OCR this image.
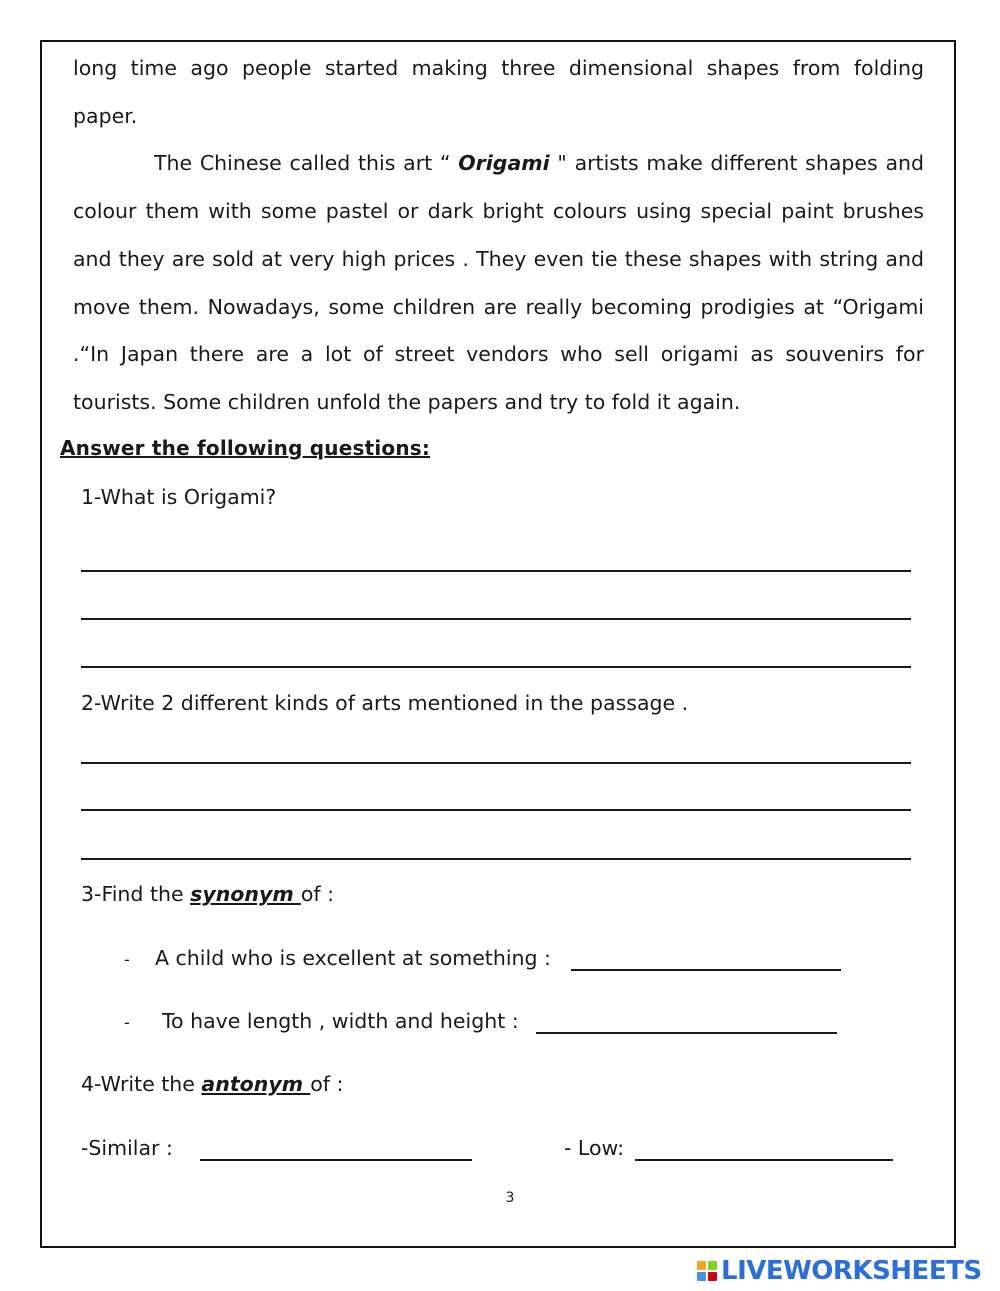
long time ago people started making three dimensional shapes from folding paper.

The Chinese called this art “ Origami " artists make different shapes and colour them with some pastel or dark bright colours using special paint brushes and they are sold at very high prices . They even tie these shapes with string and move them. Nowadays, some children are really becoming prodigies at “Origami .“In Japan there are a lot of street vendors who sell origami as souvenirs for tourists. Some children unfold the papers and try to fold it again.

Answer the following questions:
1-What is Origami?
2-Write 2 different kinds of arts mentioned in the passage .
3-Find the synonym of :
- A child who is excellent at something :
- To have length , width and height :
4-Write the antonym of :
-Similar :	- Low:
3
LIVEWORKSHEETS
